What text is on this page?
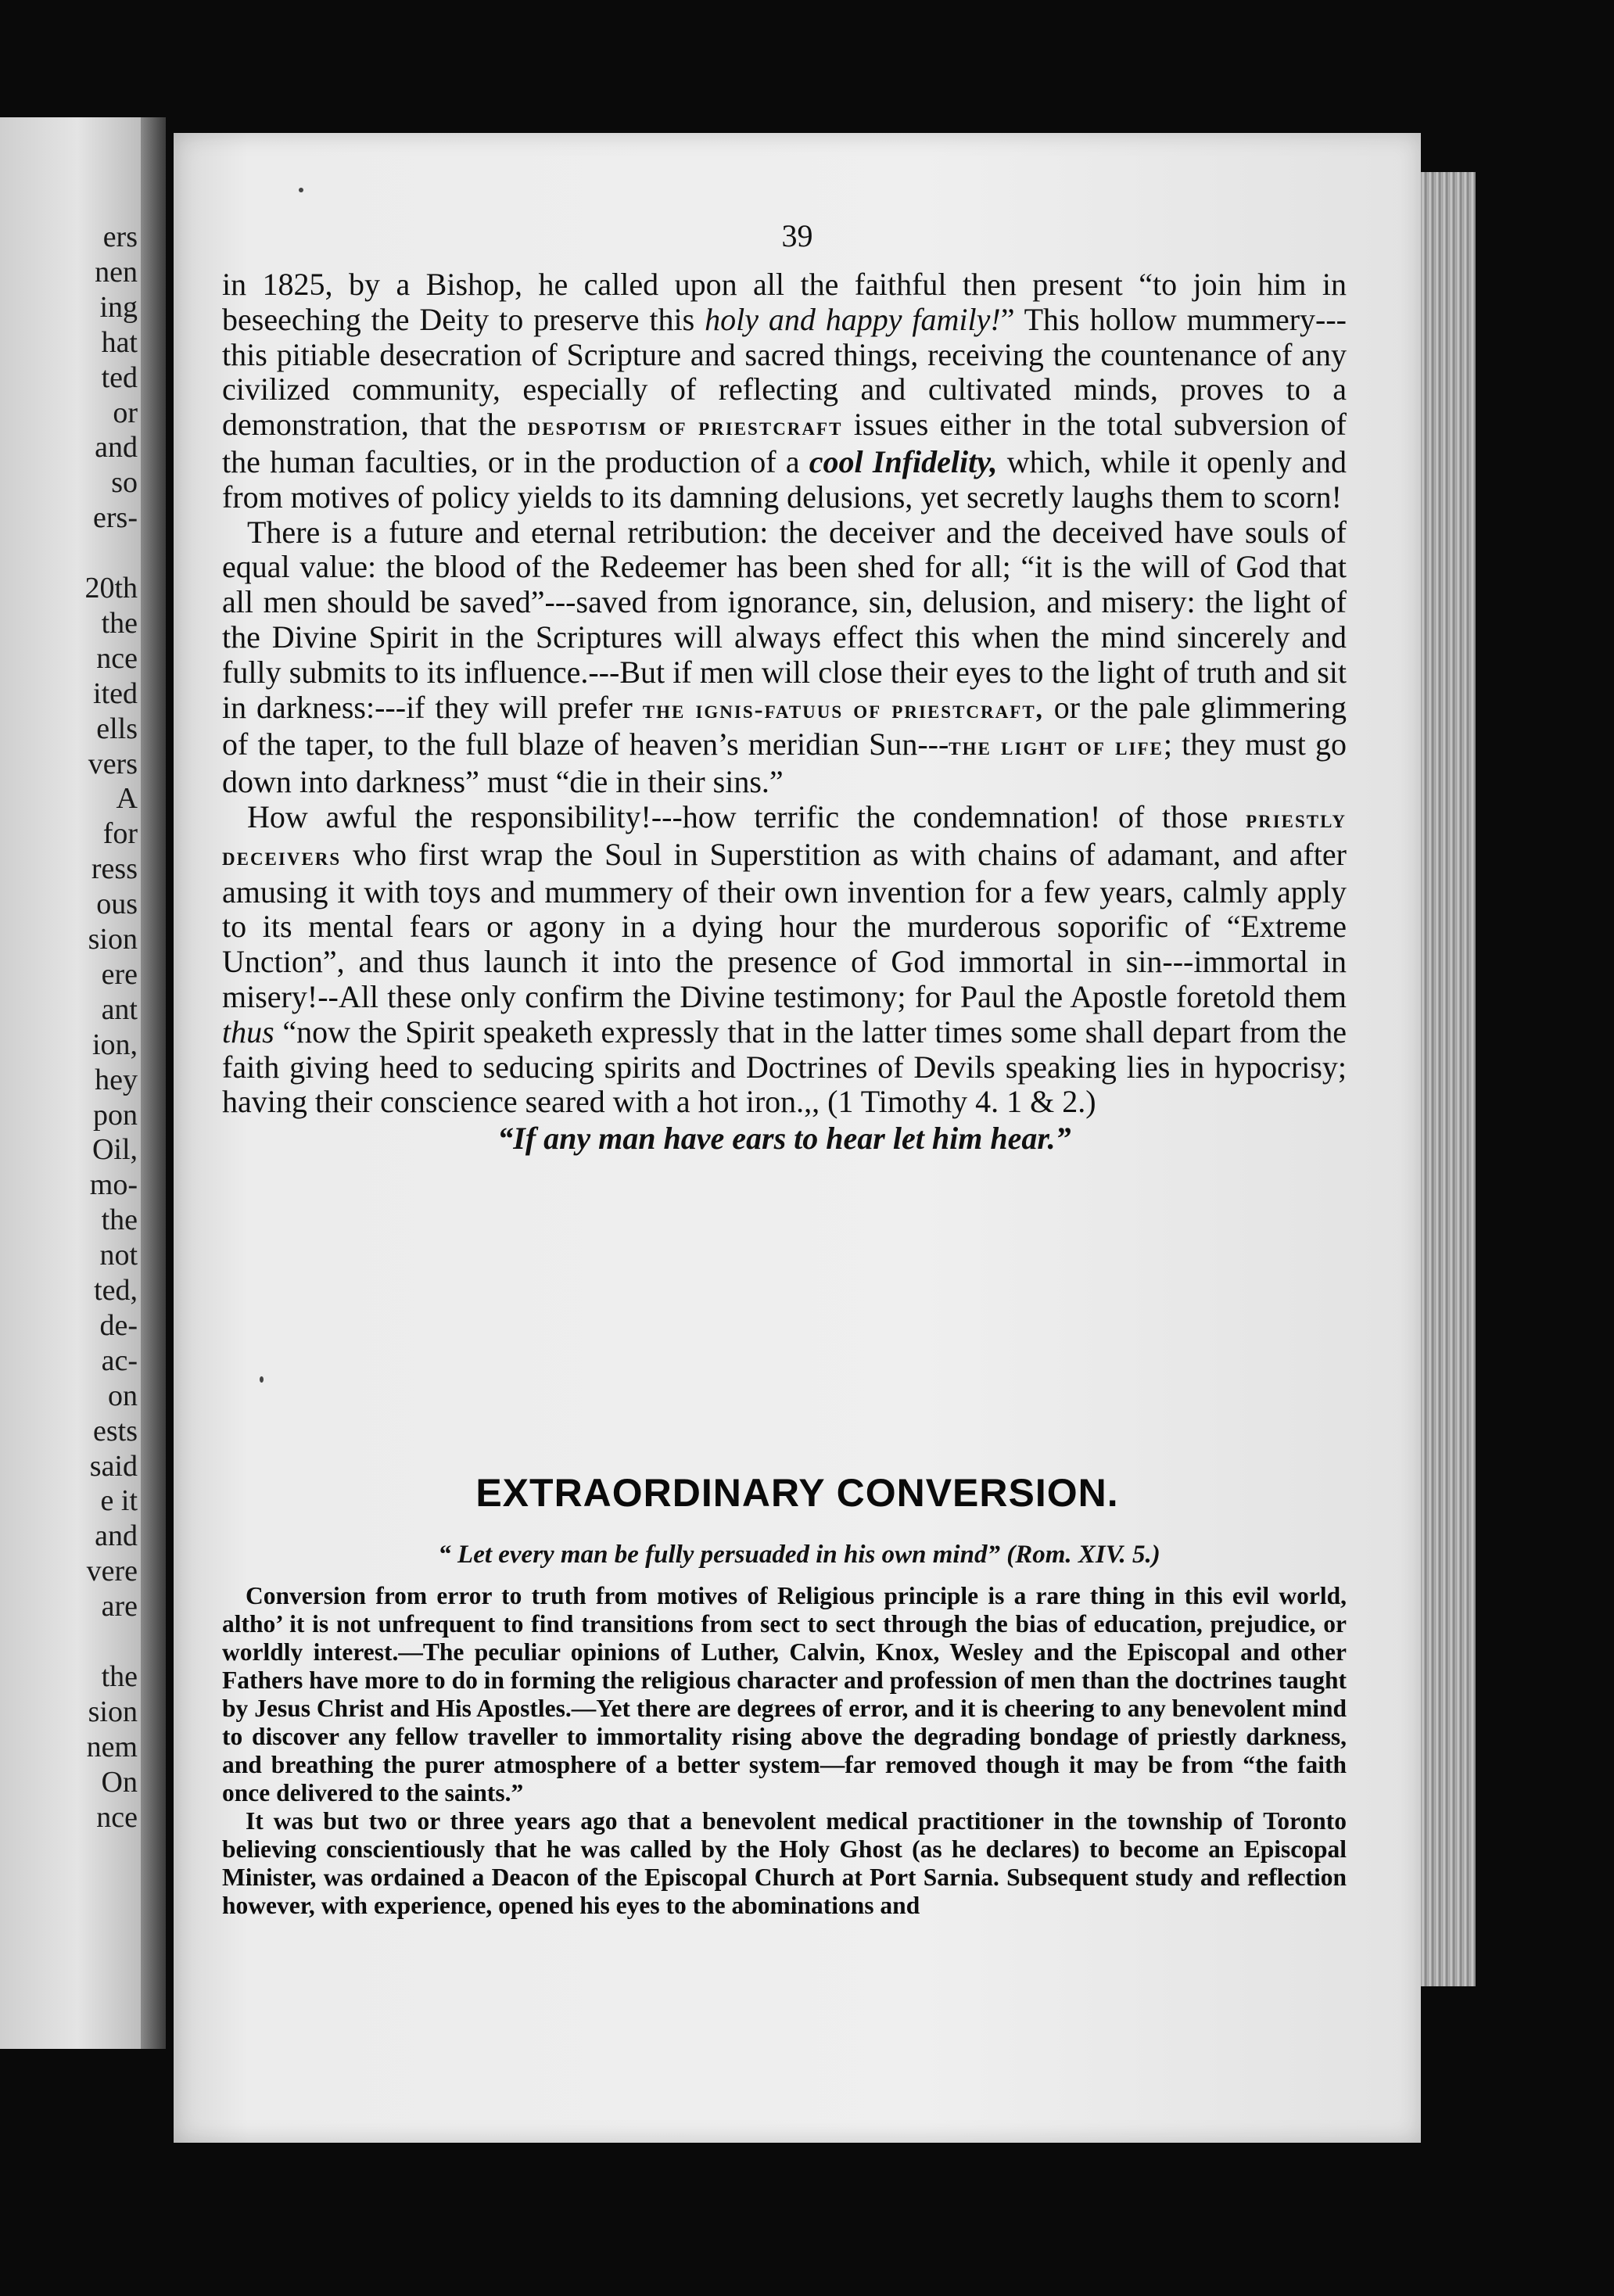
ers
nen
ing
hat
ted
or
and
so
ers-
20th
the
nce
ited
ells
vers
A
for
ress
ous
sion
ere
ant
ion,
hey
pon
Oil,
mo-
the
not
ted,
de-
ac-
on
ests
said
e it
and
vere
are
the
sion
nem
On
nce
39

in 1825, by a Bishop, he called upon all the faithful then present “to join him in beseeching the Deity to preserve this holy and happy family!” This hollow mummery---this pitiable desecration of Scripture and sacred things, receiving the countenance of any civilized community, especially of reflecting and cultivated minds, proves to a demonstration, that the despotism of priestcraft issues either in the total subversion of the human faculties, or in the production of a cool Infidelity, which, while it openly and from motives of policy yields to its damning delusions, yet secretly laughs them to scorn!

There is a future and eternal retribution: the deceiver and the deceived have souls of equal value: the blood of the Redeemer has been shed for all; “it is the will of God that all men should be saved”---saved from ignorance, sin, delusion, and misery: the light of the Divine Spirit in the Scriptures will always effect this when the mind sincerely and fully submits to its influence.---But if men will close their eyes to the light of truth and sit in darkness:---if they will prefer the ignis-fatuus of priestcraft, or the pale glimmering of the taper, to the full blaze of heaven’s meridian Sun---the light of life; they must go down into darkness” must “die in their sins.”

How awful the responsibility!---how terrific the condemnation! of those priestly deceivers who first wrap the Soul in Superstition as with chains of adamant, and after amusing it with toys and mummery of their own invention for a few years, calmly apply to its mental fears or agony in a dying hour the murderous soporific of “Extreme Unction”, and thus launch it into the presence of God immortal in sin---immortal in misery!--All these only confirm the Divine testimony; for Paul the Apostle foretold them thus “now the Spirit speaketh expressly that in the latter times some shall depart from the faith giving heed to seducing spirits and Doctrines of Devils speaking lies in hypocrisy; having their conscience seared with a hot iron.,, (1 Timothy 4. 1 & 2.)

“If any man have ears to hear let him hear.”
EXTRAORDINARY CONVERSION.
“ Let every man be fully persuaded in his own mind” (Rom. XIV. 5.)

Conversion from error to truth from motives of Religious principle is a rare thing in this evil world, altho’ it is not unfrequent to find transitions from sect to sect through the bias of education, prejudice, or worldly interest.—The peculiar opinions of Luther, Calvin, Knox, Wesley and the Episcopal and other Fathers have more to do in forming the religious character and profession of men than the doctrines taught by Jesus Christ and His Apostles.—Yet there are degrees of error, and it is cheering to any benevolent mind to discover any fellow traveller to immortality rising above the degrading bondage of priestly darkness, and breathing the purer atmosphere of a better system—far removed though it may be from “the faith once delivered to the saints.”

It was but two or three years ago that a benevolent medical practitioner in the township of Toronto believing conscientiously that he was called by the Holy Ghost (as he declares) to become an Episcopal Minister, was ordained a Deacon of the Episcopal Church at Port Sarnia. Subsequent study and reflection however, with experience, opened his eyes to the abominations and
